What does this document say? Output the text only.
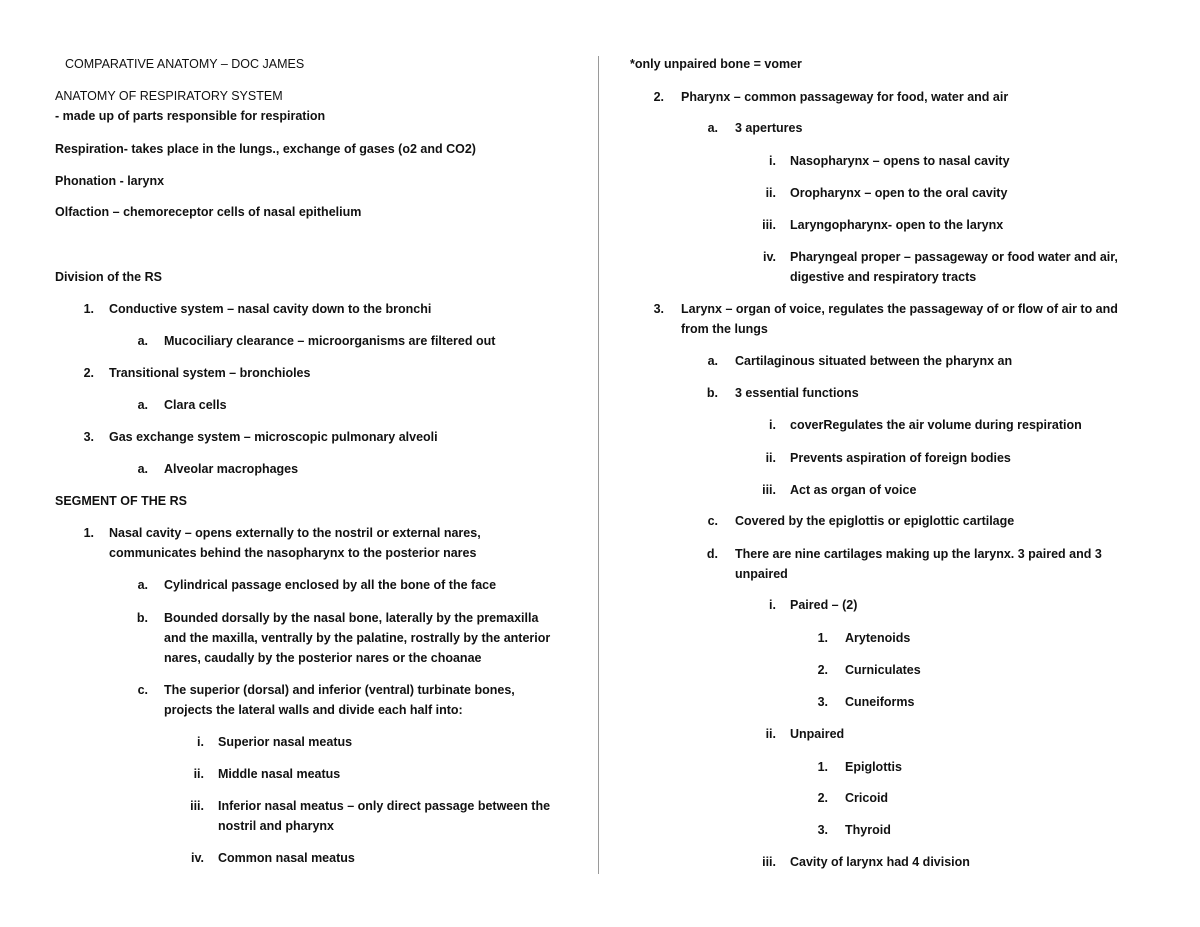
COMPARATIVE ANATOMY – DOC JAMES
ANATOMY OF RESPIRATORY SYSTEM
- made up of parts responsible for respiration
Respiration- takes place in the lungs., exchange of gases (o2 and CO2)
Phonation - larynx
Olfaction – chemoreceptor cells of nasal epithelium
Division of the RS
1. Conductive system – nasal cavity down to the bronchi
a. Mucociliary clearance – microorganisms are filtered out
2. Transitional system – bronchioles
a. Clara cells
3. Gas exchange system – microscopic pulmonary alveoli
a. Alveolar macrophages
SEGMENT OF THE RS
1. Nasal cavity – opens externally to the nostril or external nares,
communicates behind the nasopharynx to the posterior nares
a. Cylindrical passage enclosed by all the bone of the face
b. Bounded dorsally by the nasal bone, laterally by the premaxilla
and the maxilla, ventrally by the palatine, rostrally by the anterior
nares, caudally by the posterior nares or the choanae
c. The superior (dorsal) and inferior (ventral) turbinate bones,
projects the lateral walls and divide each half into:
i. Superior nasal meatus
ii. Middle nasal meatus
iii. Inferior nasal meatus – only direct passage between the
nostril and pharynx
iv. Common nasal meatus
*only unpaired bone = vomer
2. Pharynx – common passageway for food, water and air
a. 3 apertures
i. Nasopharynx – opens to nasal cavity
ii. Oropharynx – open to the oral cavity
iii. Laryngopharynx- open to the larynx
iv. Pharyngeal proper – passageway or food water and air,
digestive and respiratory tracts
3. Larynx – organ of voice, regulates the passageway of or flow of air to and
from the lungs
a. Cartilaginous situated between the pharynx an
b. 3 essential functions
i. coverRegulates the air volume during respiration
ii. Prevents aspiration of foreign bodies
iii. Act as organ of voice
c. Covered by the epiglottis or epiglottic cartilage
d. There are nine cartilages making up the larynx. 3 paired and 3
unpaired
i. Paired – (2)
1. Arytenoids
2. Curniculates
3. Cuneiforms
ii. Unpaired
1. Epiglottis
2. Cricoid
3. Thyroid
iii. Cavity of larynx had 4 division
